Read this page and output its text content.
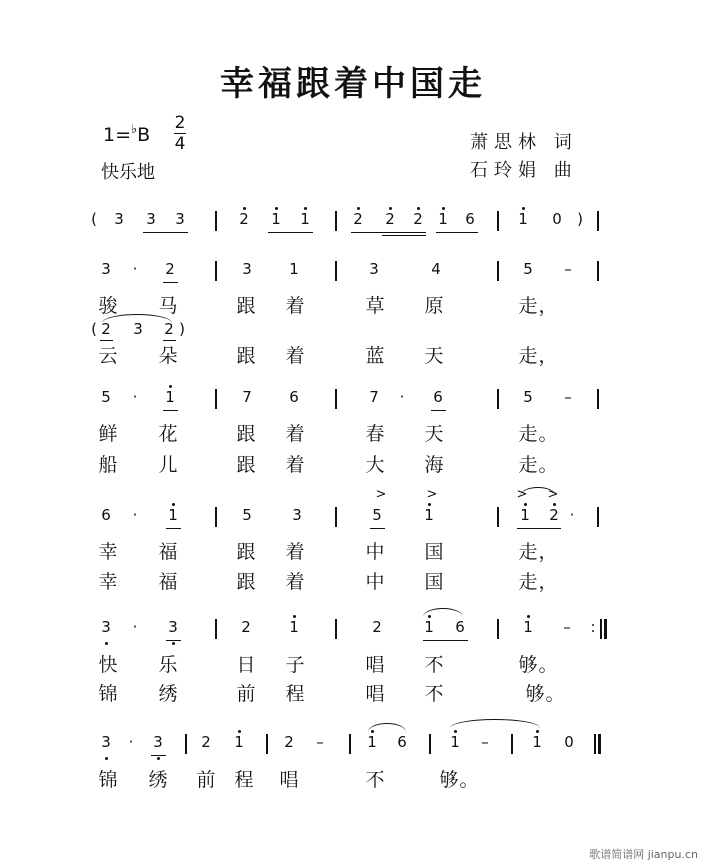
幸福跟着中国走
1=♭B
2
4
快乐地
萧思林 词
石玲娟 曲
( 3 3 3	2 1 1	2 2 2 1 6	1 0 )
3 · 2	3 1	3	4	5 –
骏 马	跟 着	草 原	走 ，
( 2 3 2 )
云 朵	跟 着	蓝 天	走 ，
5 · 1	7 6	7 · 6	5 –
鲜 花	跟 着	春 天	走 。
船 儿	跟 着	大 海	走 。
>	>	> >
6 · 1	5	3	5	1	1 2 ·
幸 福	跟 着	中 国	走 ，
幸 福	跟 着	中 国	走 ，
3 · 3	2	1	2	1 6	1 – :
快 乐	日 子	唱 不	够 。
锦 绣	前 程	唱 不	够 。
3 · 3	2 1	2 –	1 6	1 –	1 0
锦 绣 前 程 唱	不	够 。
歌谱简谱网 jianpu.cn
